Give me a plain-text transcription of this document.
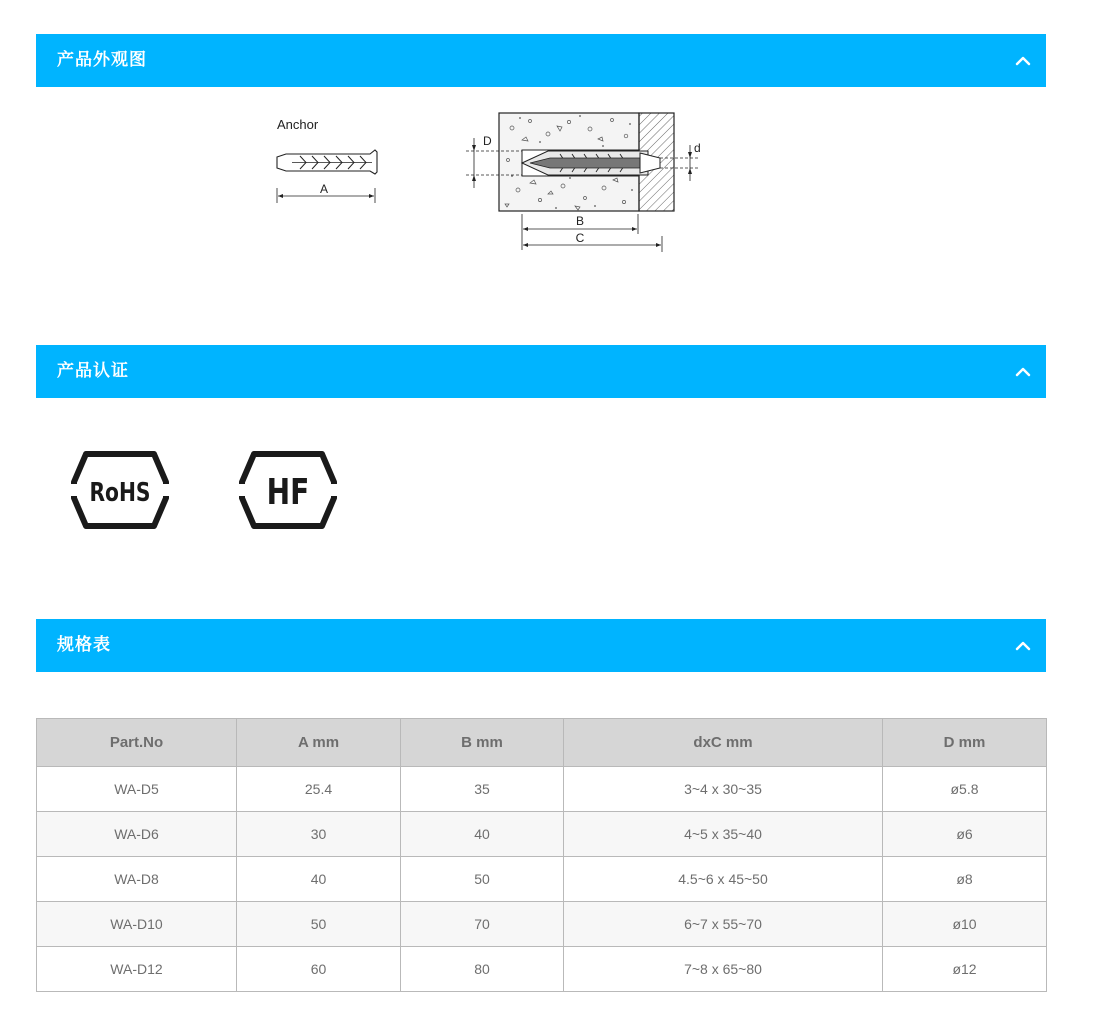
产品外观图
Anchor
A
D	d
B
C
产品认证
RoHS	HF
规格表
Part.No	A mm	B mm	dxC mm	D mm
WA-D5	25.4	35	3~4 x 30~35	ø5.8
WA-D6	30	40	4~5 x 35~40	ø6
WA-D8	40	50	4.5~6 x 45~50	ø8
WA-D10	50	70	6~7 x 55~70	ø10
WA-D12	60	80	7~8 x 65~80	ø12
